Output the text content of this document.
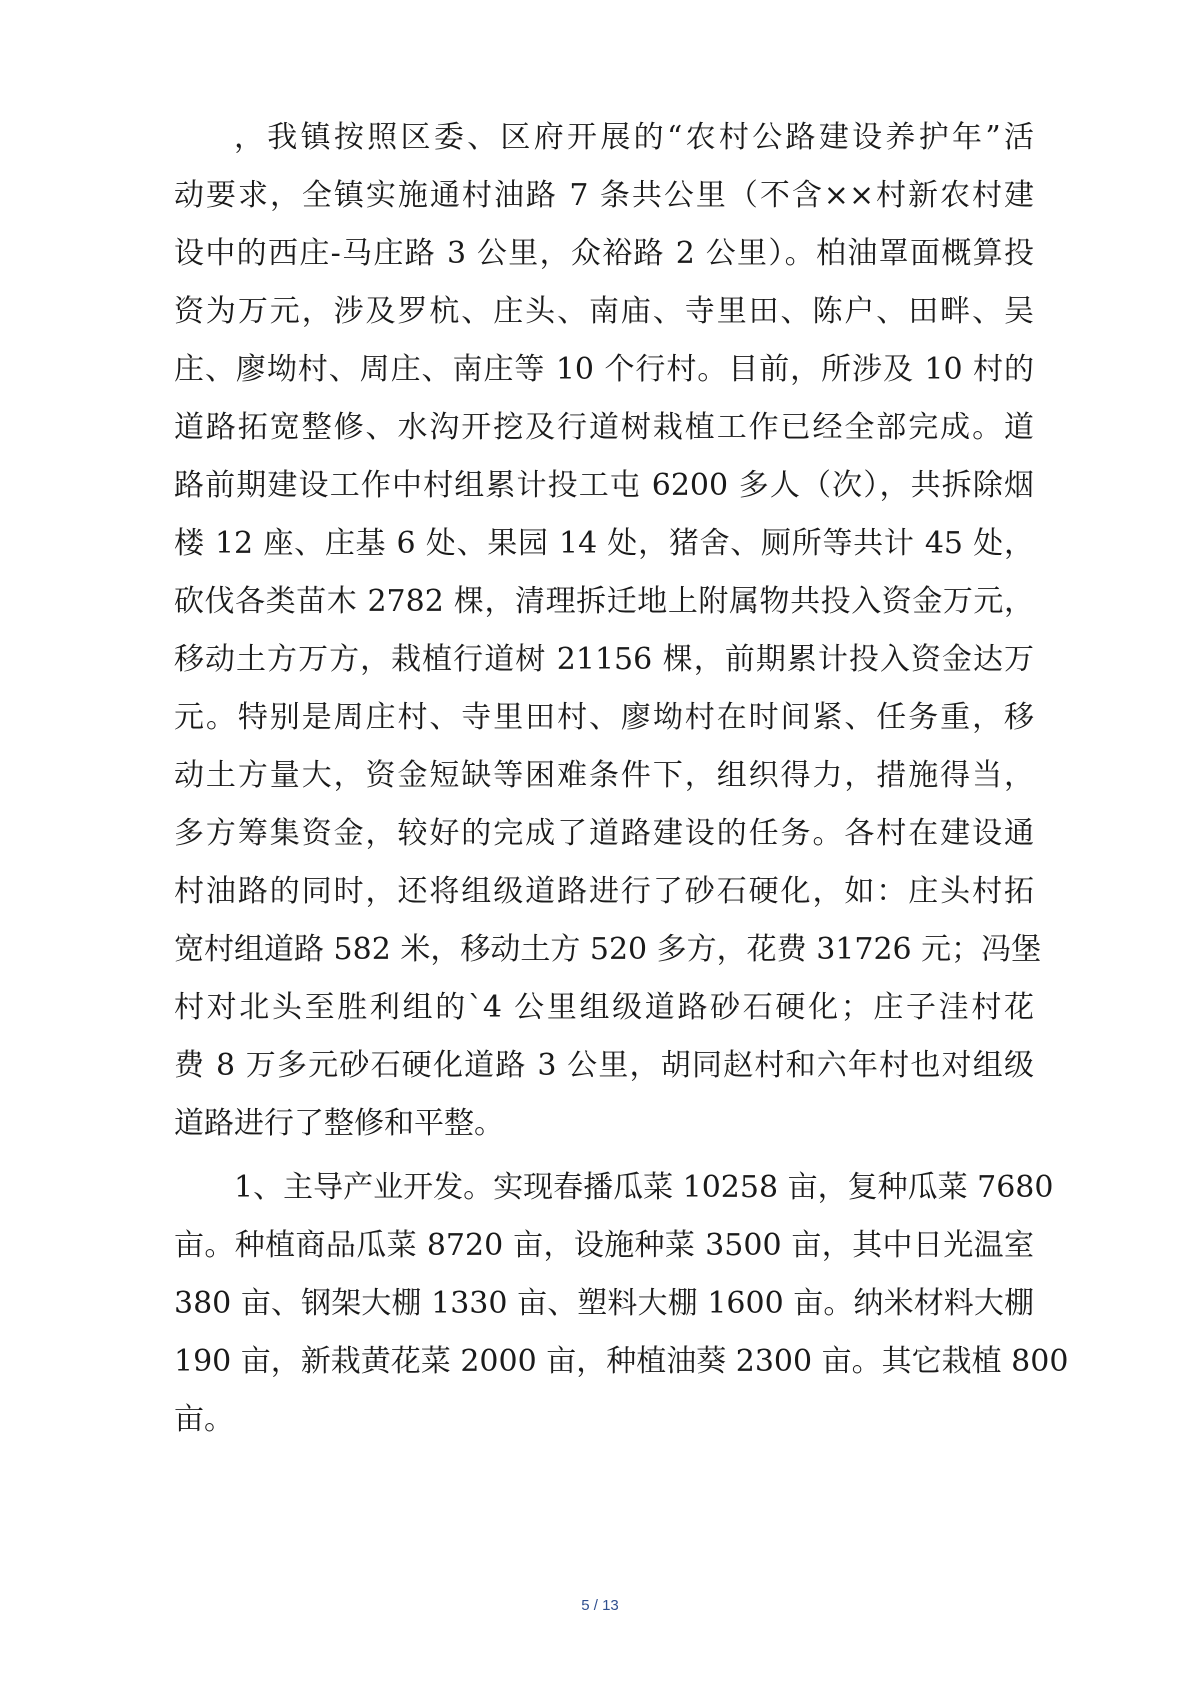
，我镇按照区委、区府开展的“农村公路建设养护年”活
动要求，全镇实施通村油路 7 条共公里（不含××村新农村建
设中的西庄-马庄路 3 公里，众裕路 2 公里）。柏油罩面概算投
资为万元，涉及罗杭、庄头、南庙、寺里田、陈户、田畔、吴
庄、廖坳村、周庄、南庄等 10 个行村。目前，所涉及 10 村的
道路拓宽整修、水沟开挖及行道树栽植工作已经全部完成。道
路前期建设工作中村组累计投工屯 6200 多人（次），共拆除烟
楼 12 座、庄基 6 处、果园 14 处，猪舍、厕所等共计 45 处，
砍伐各类苗木 2782 棵，清理拆迁地上附属物共投入资金万元，
移动土方万方，栽植行道树 21156 棵，前期累计投入资金达万
元。特别是周庄村、寺里田村、廖坳村在时间紧、任务重，移
动土方量大，资金短缺等困难条件下，组织得力，措施得当，
多方筹集资金，较好的完成了道路建设的任务。各村在建设通
村油路的同时，还将组级道路进行了砂石硬化，如：庄头村拓
宽村组道路 582 米，移动土方 520 多方，花费 31726 元；冯堡
村对北头至胜利组的`4 公里组级道路砂石硬化；庄子洼村花
费 8 万多元砂石硬化道路 3 公里，胡同赵村和六年村也对组级
道路进行了整修和平整。
1、主导产业开发。实现春播瓜菜 10258 亩，复种瓜菜 7680
亩。种植商品瓜菜 8720 亩，设施种菜 3500 亩，其中日光温室
380 亩、钢架大棚 1330 亩、塑料大棚 1600 亩。纳米材料大棚
190 亩，新栽黄花菜 2000 亩，种植油葵 2300 亩。其它栽植 800
亩。
5 / 13
